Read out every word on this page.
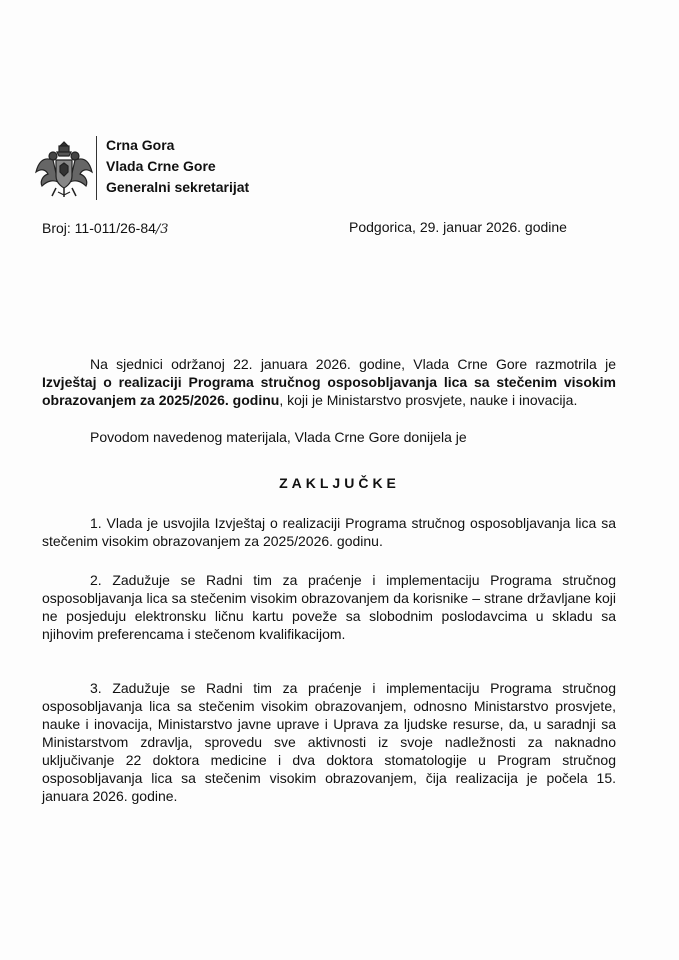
Crna Gora
Vlada Crne Gore
Generalni sekretarijat
Broj: 11-011/26-84/3	Podgorica, 29. januar 2026. godine
Na sjednici održanoj 22. januara 2026. godine, Vlada Crne Gore razmotrila je Izvještaj o realizaciji Programa stručnog osposobljavanja lica sa stečenim visokim obrazovanjem za 2025/2026. godinu, koji je Ministarstvo prosvjete, nauke i inovacija.
Povodom navedenog materijala, Vlada Crne Gore donijela je
ZAKLJUČKE
1. Vlada je usvojila Izvještaj o realizaciji Programa stručnog osposobljavanja lica sa stečenim visokim obrazovanjem za 2025/2026. godinu.
2. Zadužuje se Radni tim za praćenje i implementaciju Programa stručnog osposobljavanja lica sa stečenim visokim obrazovanjem da korisnike – strane državljane koji ne posjeduju elektronsku ličnu kartu poveže sa slobodnim poslodavcima u skladu sa njihovim preferencama i stečenom kvalifikacijom.
3. Zadužuje se Radni tim za praćenje i implementaciju Programa stručnog osposobljavanja lica sa stečenim visokim obrazovanjem, odnosno Ministarstvo prosvjete, nauke i inovacija, Ministarstvo javne uprave i Uprava za ljudske resurse, da, u saradnji sa Ministarstvom zdravlja, sprovedu sve aktivnosti iz svoje nadležnosti za naknadno uključivanje 22 doktora medicine i dva doktora stomatologije u Program stručnog osposobljavanja lica sa stečenim visokim obrazovanjem, čija realizacija je počela 15. januara 2026. godine.
